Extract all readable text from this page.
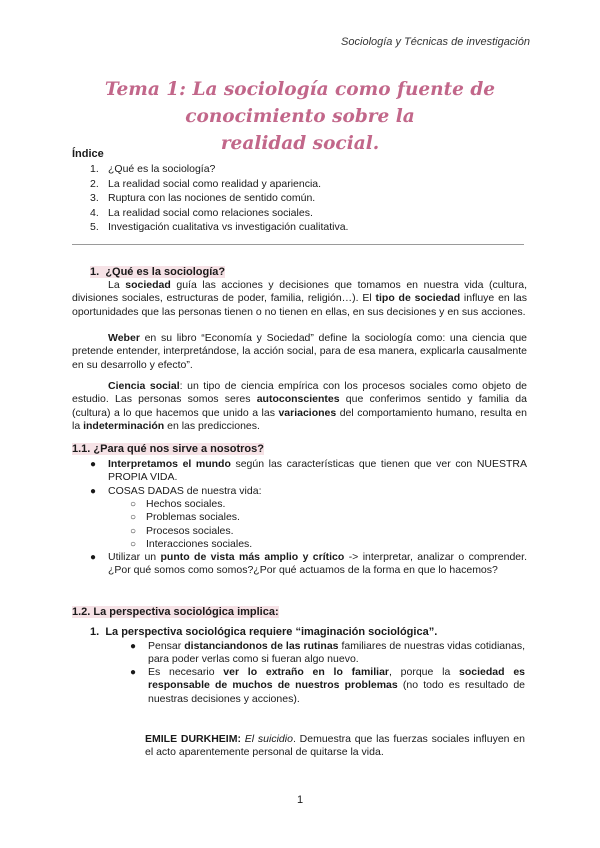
Sociología y Técnicas de investigación
Tema 1: La sociología como fuente de conocimiento sobre la
realidad social.
Índice
1. ¿Qué es la sociología?
2. La realidad social como realidad y apariencia.
3. Ruptura con las nociones de sentido común.
4. La realidad social como relaciones sociales.
5. Investigación cualitativa vs investigación cualitativa.
1. ¿Qué es la sociología?
La sociedad guía las acciones y decisiones que tomamos en nuestra vida (cultura, divisiones sociales, estructuras de poder, familia, religión…). El tipo de sociedad influye en las oportunidades que las personas tienen o no tienen en ellas, en sus decisiones y en sus acciones.
Weber en su libro “Economía y Sociedad” define la sociología como: una ciencia que pretende entender, interpretándose, la acción social, para de esa manera, explicarla causalmente en su desarrollo y efecto”.
Ciencia social: un tipo de ciencia empírica con los procesos sociales como objeto de estudio. Las personas somos seres autoconscientes que conferimos sentido y familia da (cultura) a lo que hacemos que unido a las variaciones del comportamiento humano, resulta en la indeterminación en las predicciones.
1.1. ¿Para qué nos sirve a nosotros?
● Interpretamos el mundo según las características que tienen que ver con NUESTRA PROPIA VIDA.
● COSAS DADAS de nuestra vida:
○ Hechos sociales.
○ Problemas sociales.
○ Procesos sociales.
○ Interacciones sociales.
● Utilizar un punto de vista más amplio y crítico -> interpretar, analizar o comprender. ¿Por qué somos como somos?¿Por qué actuamos de la forma en que lo hacemos?
1.2. La perspectiva sociológica implica:
1. La perspectiva sociológica requiere “imaginación sociológica”.
● Pensar distanciandonos de las rutinas familiares de nuestras vidas cotidianas, para poder verlas como si fueran algo nuevo.
● Es necesario ver lo extraño en lo familiar, porque la sociedad es responsable de muchos de nuestros problemas (no todo es resultado de nuestras decisiones y acciones).
EMILE DURKHEIM: El suicidio. Demuestra que las fuerzas sociales influyen en el acto aparentemente personal de quitarse la vida.
1
